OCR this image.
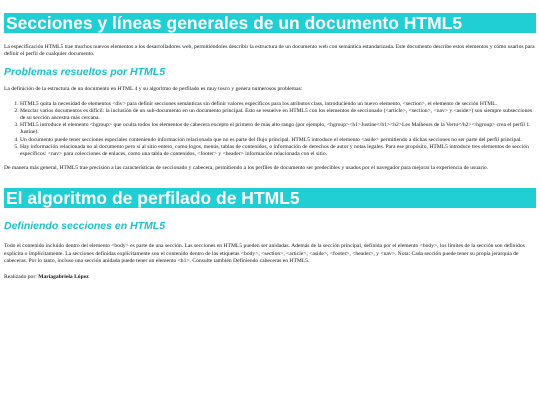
Secciones y líneas generales de un documento HTML5

La especificación HTML5 trae muchos nuevos elementos a los desarrolladores web, permitiéndoles describir la estructura de un documento web con semántica estandarizada. Este documento describe estos elementos y cómo usarlos para definir el perfil de cualquier documento.

Problemas resueltos por HTML5

La definición de la estructura de un documento en HTML 4 y su algoritmo de perfilado es muy tosco y genera numerosos problemas:

1. HTML5 quita la necesidad de elementos <div> para definir secciones semánticas sin definir valores específicos para los atributos class, introduciendo un nuevo elemento, <section>, el elemento de sección HTML.
2. Mezclar varios documentos es difícil: la inclusión de un sub-documento en un documento principal. Esto se resuelve en HTML5 con los elementos de seccionado (<article>, <section>, <nav> y <aside>) son siempre subsecciones de su sección ancestra más cercana.
3. HTML5 introduce el elemento <hgroup> que oculta todos los elementos de cabecera excepto el primero de más alto rango (por ejemplo, <hgroup><h1>Justine</h1><h2>Les Malheurs de la Vertu</h2></hgroup> crea el perfil 1. Justine).
4. Un documento puede tener secciones especiales conteniendo información relacionada que no es parte del flujo principal. HTML5 introduce el elemento <aside> permitiendo a dichas secciones no ser parte del perfil principal.
5. Hay información relacionada no al documento pero sí al sitio entero, como logos, menús, tablas de contenidos, o información de derechos de autor y notas legales. Para ese propósito, HTML5 introduce tres elementos de sección específicos: <nav> para colecciones de enlaces, como una tabla de contenidos, <footer> y <header> información relacionada con el sitio.

De manera más general, HTML5 trae precisión a las características de seccionado y cabecera, permitiendo a los perfiles de documento ser predecibles y usados por el navegador para mejorar la experiencia de usuario.

El algoritmo de perfilado de HTML5
Definiendo secciones en HTML5

Todo el contenido incluido dentro del elemento <body> es parte de una sección. Las secciones en HTML5 pueden ser anidadas. Además de la sección principal, definida por el elemento <body>, los límites de la sección son definidos explícita o implícitamente. La secciones definidas explícitamente son el contenido dentro de las etiquetas <body>, <section>, <article>, <aside>, <footer>, <header>, y <nav>. Nota: Cada sección puede tener su propia jerarquía de cabeceras. Por lo tanto, incluso una sección anidada puede tener un elemento <h1>. Consulte también Definiendo cabeceras en HTML5.

Realizado por: Mariagabriela López
